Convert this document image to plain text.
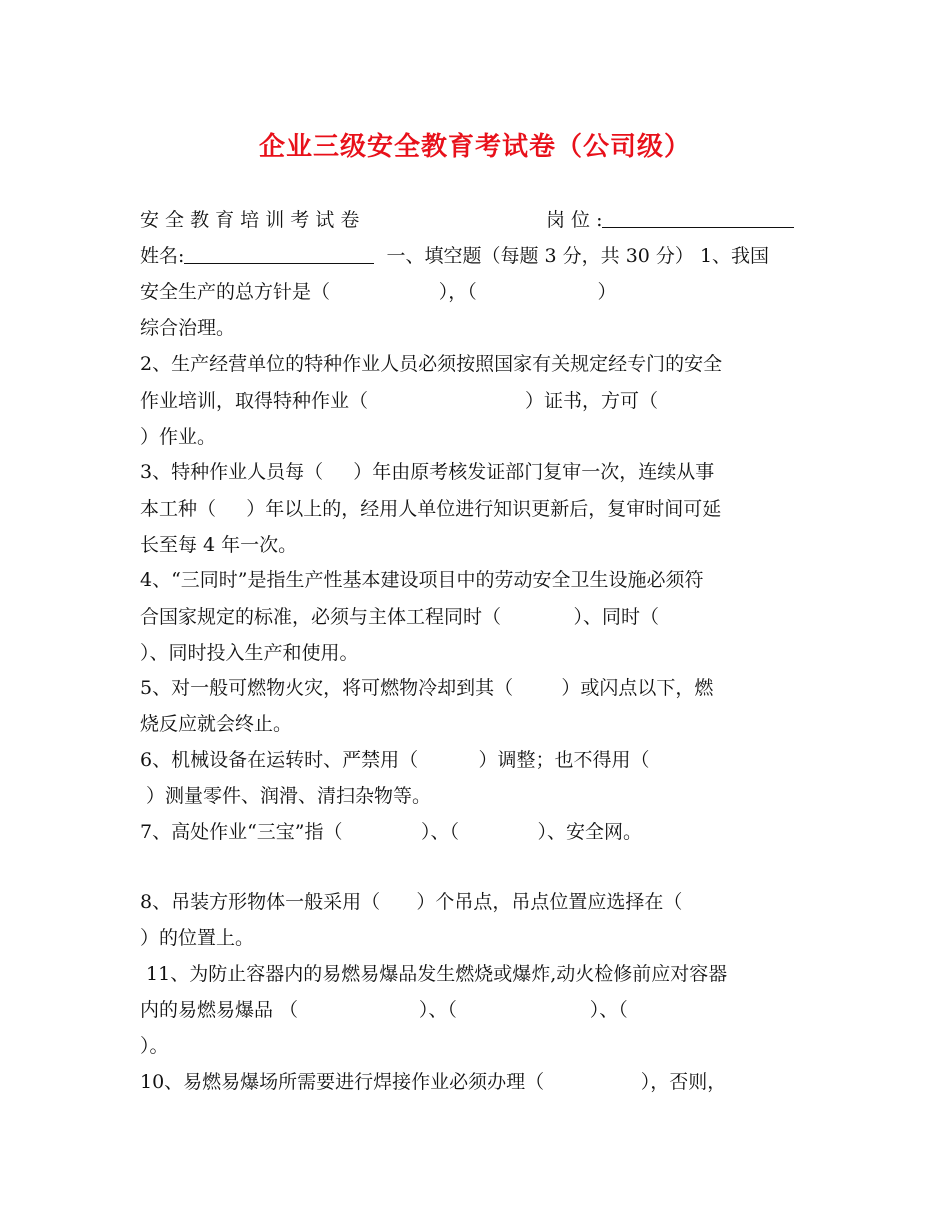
企业三级安全教育考试卷（公司级）
安 全 教 育 培 训 考 试 卷	岗 位 :
姓名:	一、填空题（每题 3 分，共 30 分） 1、我国
安全生产的总方针是（                  ），（                    ）
综合治理。
2、生产经营单位的特种作业人员必须按照国家有关规定经专门的安全
作业培训，取得特种作业（                          ）证书，方可（
）作业。
3、特种作业人员每（     ）年由原考核发证部门复审一次，连续从事
本工种（     ）年以上的，经用人单位进行知识更新后，复审时间可延
长至每 4 年一次。
4、“三同时”是指生产性基本建设项目中的劳动安全卫生设施必须符
合国家规定的标准，必须与主体工程同时（            ）、同时（
）、同时投入生产和使用。
5、对一般可燃物火灾，将可燃物冷却到其（        ）或闪点以下，燃
烧反应就会终止。
6、机械设备在运转时、严禁用（          ）调整；也不得用（
）测量零件、润滑、清扫杂物等。
7、高处作业“三宝”指（             ）、（             ）、安全网。
8、吊装方形物体一般采用（      ）个吊点，吊点位置应选择在（
）的位置上。
11、为防止容器内的易燃易爆品发生燃烧或爆炸,动火检修前应对容器
内的易燃易爆品 （                    ）、（                      ）、（
）。
10、易燃易爆场所需要进行焊接作业必须办理（                ），否则，
